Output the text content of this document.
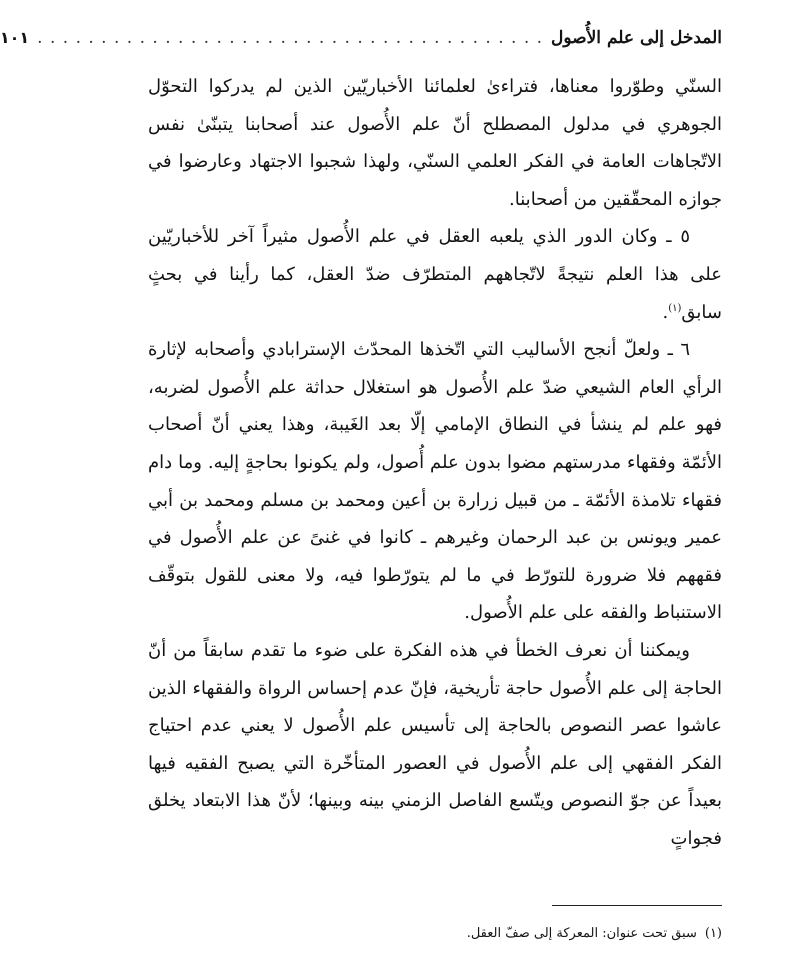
المدخل إلى علم الأُصول
. . . . . . . . . . . . . . . . . . . . . . . . . . . . . . . . . . . . . . . .
١٠١

السنّي وطوّروا معناها، فتراءىٰ لعلمائنا الأخباريّين الذين لم يدركوا التحوّل الجوهري في مدلول المصطلح أنّ علم الأُصول عند أصحابنا يتبنّىٰ نفس الاتّجاهات العامة في الفكر العلمي السنّي، ولهذا شجبوا الاجتهاد وعارضوا في جوازه المحقّقين من أصحابنا.

٥ ـ وكان الدور الذي يلعبه العقل في علم الأُصول مثيراً آخر للأخباريّين على هذا العلم نتيجةً لاتّجاههم المتطرّف ضدّ العقل، كما رأينا في بحثٍ سابق$^{(١)}$.

٦ ـ ولعلّ أنجح الأساليب التي اتّخذها المحدّث الإسترابادي وأصحابه لإثارة الرأي العام الشيعي ضدّ علم الأُصول هو استغلال حداثة علم الأُصول لضربه، فهو علم لم ينشأ في النطاق الإمامي إلّا بعد الغَيبة، وهذا يعني أنّ أصحاب الأئمّة وفقهاء مدرستهم مضوا بدون علم أُصول، ولم يكونوا بحاجةٍ إليه. وما دام فقهاء تلامذة الأئمّة ـ من قبيل زرارة بن أعين ومحمد بن مسلم ومحمد بن أبي عمير ويونس بن عبد الرحمان وغيرهم ـ كانوا في غنىً عن علم الأُصول في فقههم فلا ضرورة للتورّط في ما لم يتورّطوا فيه، ولا معنى للقول بتوقّف الاستنباط والفقه على علم الأُصول.

ويمكننا أن نعرف الخطأ في هذه الفكرة على ضوء ما تقدم سابقاً من أنّ الحاجة إلى علم الأُصول حاجة تأريخية، فإنّ عدم إحساس الرواة والفقهاء الذين عاشوا عصر النصوص بالحاجة إلى تأسيس علم الأُصول لا يعني عدم احتياج الفكر الفقهي إلى علم الأُصول في العصور المتأخّرة التي يصبح الفقيه فيها بعيداً عن جوّ النصوص ويتّسع الفاصل الزمني بينه وبينها؛ لأنّ هذا الابتعاد يخلق فجواتٍ

(١)سبق تحت عنوان: المعركة إلى صفّ العقل.
